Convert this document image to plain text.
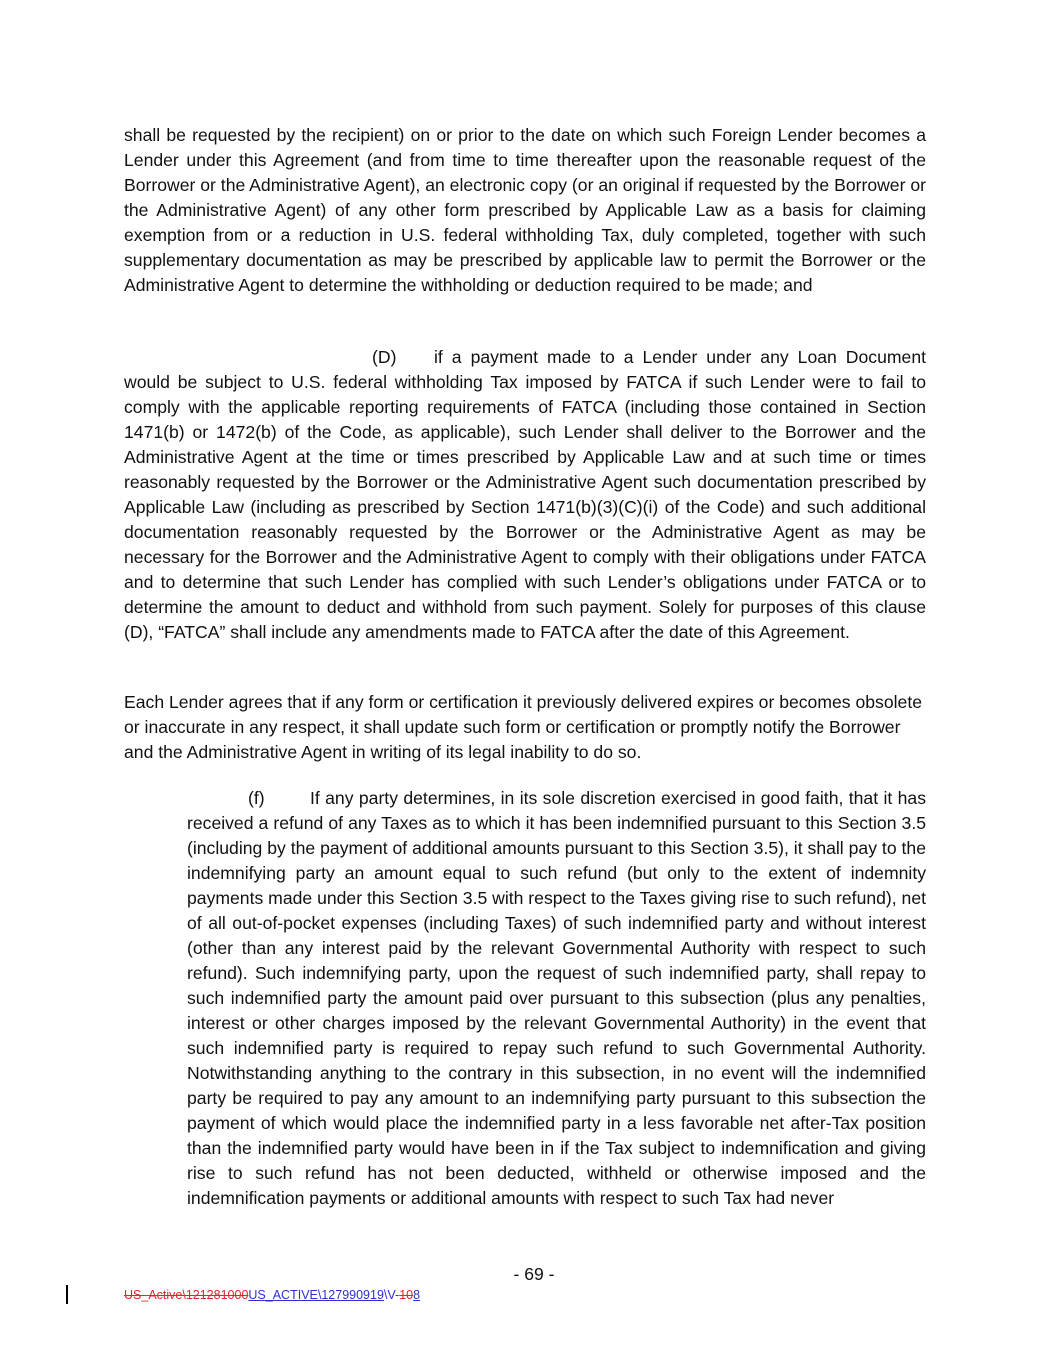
shall be requested by the recipient) on or prior to the date on which such Foreign Lender becomes a Lender under this Agreement (and from time to time thereafter upon the reasonable request of the Borrower or the Administrative Agent), an electronic copy (or an original if requested by the Borrower or the Administrative Agent) of any other form prescribed by Applicable Law as a basis for claiming exemption from or a reduction in U.S. federal withholding Tax, duly completed, together with such supplementary documentation as may be prescribed by applicable law to permit the Borrower or the Administrative Agent to determine the withholding or deduction required to be made; and

(D) if a payment made to a Lender under any Loan Document would be subject to U.S. federal withholding Tax imposed by FATCA if such Lender were to fail to comply with the applicable reporting requirements of FATCA (including those contained in Section 1471(b) or 1472(b) of the Code, as applicable), such Lender shall deliver to the Borrower and the Administrative Agent at the time or times prescribed by Applicable Law and at such time or times reasonably requested by the Borrower or the Administrative Agent such documentation prescribed by Applicable Law (including as prescribed by Section 1471(b)(3)(C)(i) of the Code) and such additional documentation reasonably requested by the Borrower or the Administrative Agent as may be necessary for the Borrower and the Administrative Agent to comply with their obligations under FATCA and to determine that such Lender has complied with such Lender’s obligations under FATCA or to determine the amount to deduct and withhold from such payment. Solely for purposes of this clause (D), “FATCA” shall include any amendments made to FATCA after the date of this Agreement.

Each Lender agrees that if any form or certification it previously delivered expires or becomes obsolete or inaccurate in any respect, it shall update such form or certification or promptly notify the Borrower and the Administrative Agent in writing of its legal inability to do so.

(f)	If any party determines, in its sole discretion exercised in good faith, that it has received a refund of any Taxes as to which it has been indemnified pursuant to this Section 3.5 (including by the payment of additional amounts pursuant to this Section 3.5), it shall pay to the indemnifying party an amount equal to such refund (but only to the extent of indemnity payments made under this Section 3.5 with respect to the Taxes giving rise to such refund), net of all out-of-pocket expenses (including Taxes) of such indemnified party and without interest (other than any interest paid by the relevant Governmental Authority with respect to such refund). Such indemnifying party, upon the request of such indemnified party, shall repay to such indemnified party the amount paid over pursuant to this subsection (plus any penalties, interest or other charges imposed by the relevant Governmental Authority) in the event that such indemnified party is required to repay such refund to such Governmental Authority. Notwithstanding anything to the contrary in this subsection, in no event will the indemnified party be required to pay any amount to an indemnifying party pursuant to this subsection the payment of which would place the indemnified party in a less favorable net after-Tax position than the indemnified party would have been in if the Tax subject to indemnification and giving rise to such refund has not been deducted, withheld or otherwise imposed and the indemnification payments or additional amounts with respect to such Tax had never

- 69 -
US_Active\121281000US_ACTIVE\127990919\V-108
